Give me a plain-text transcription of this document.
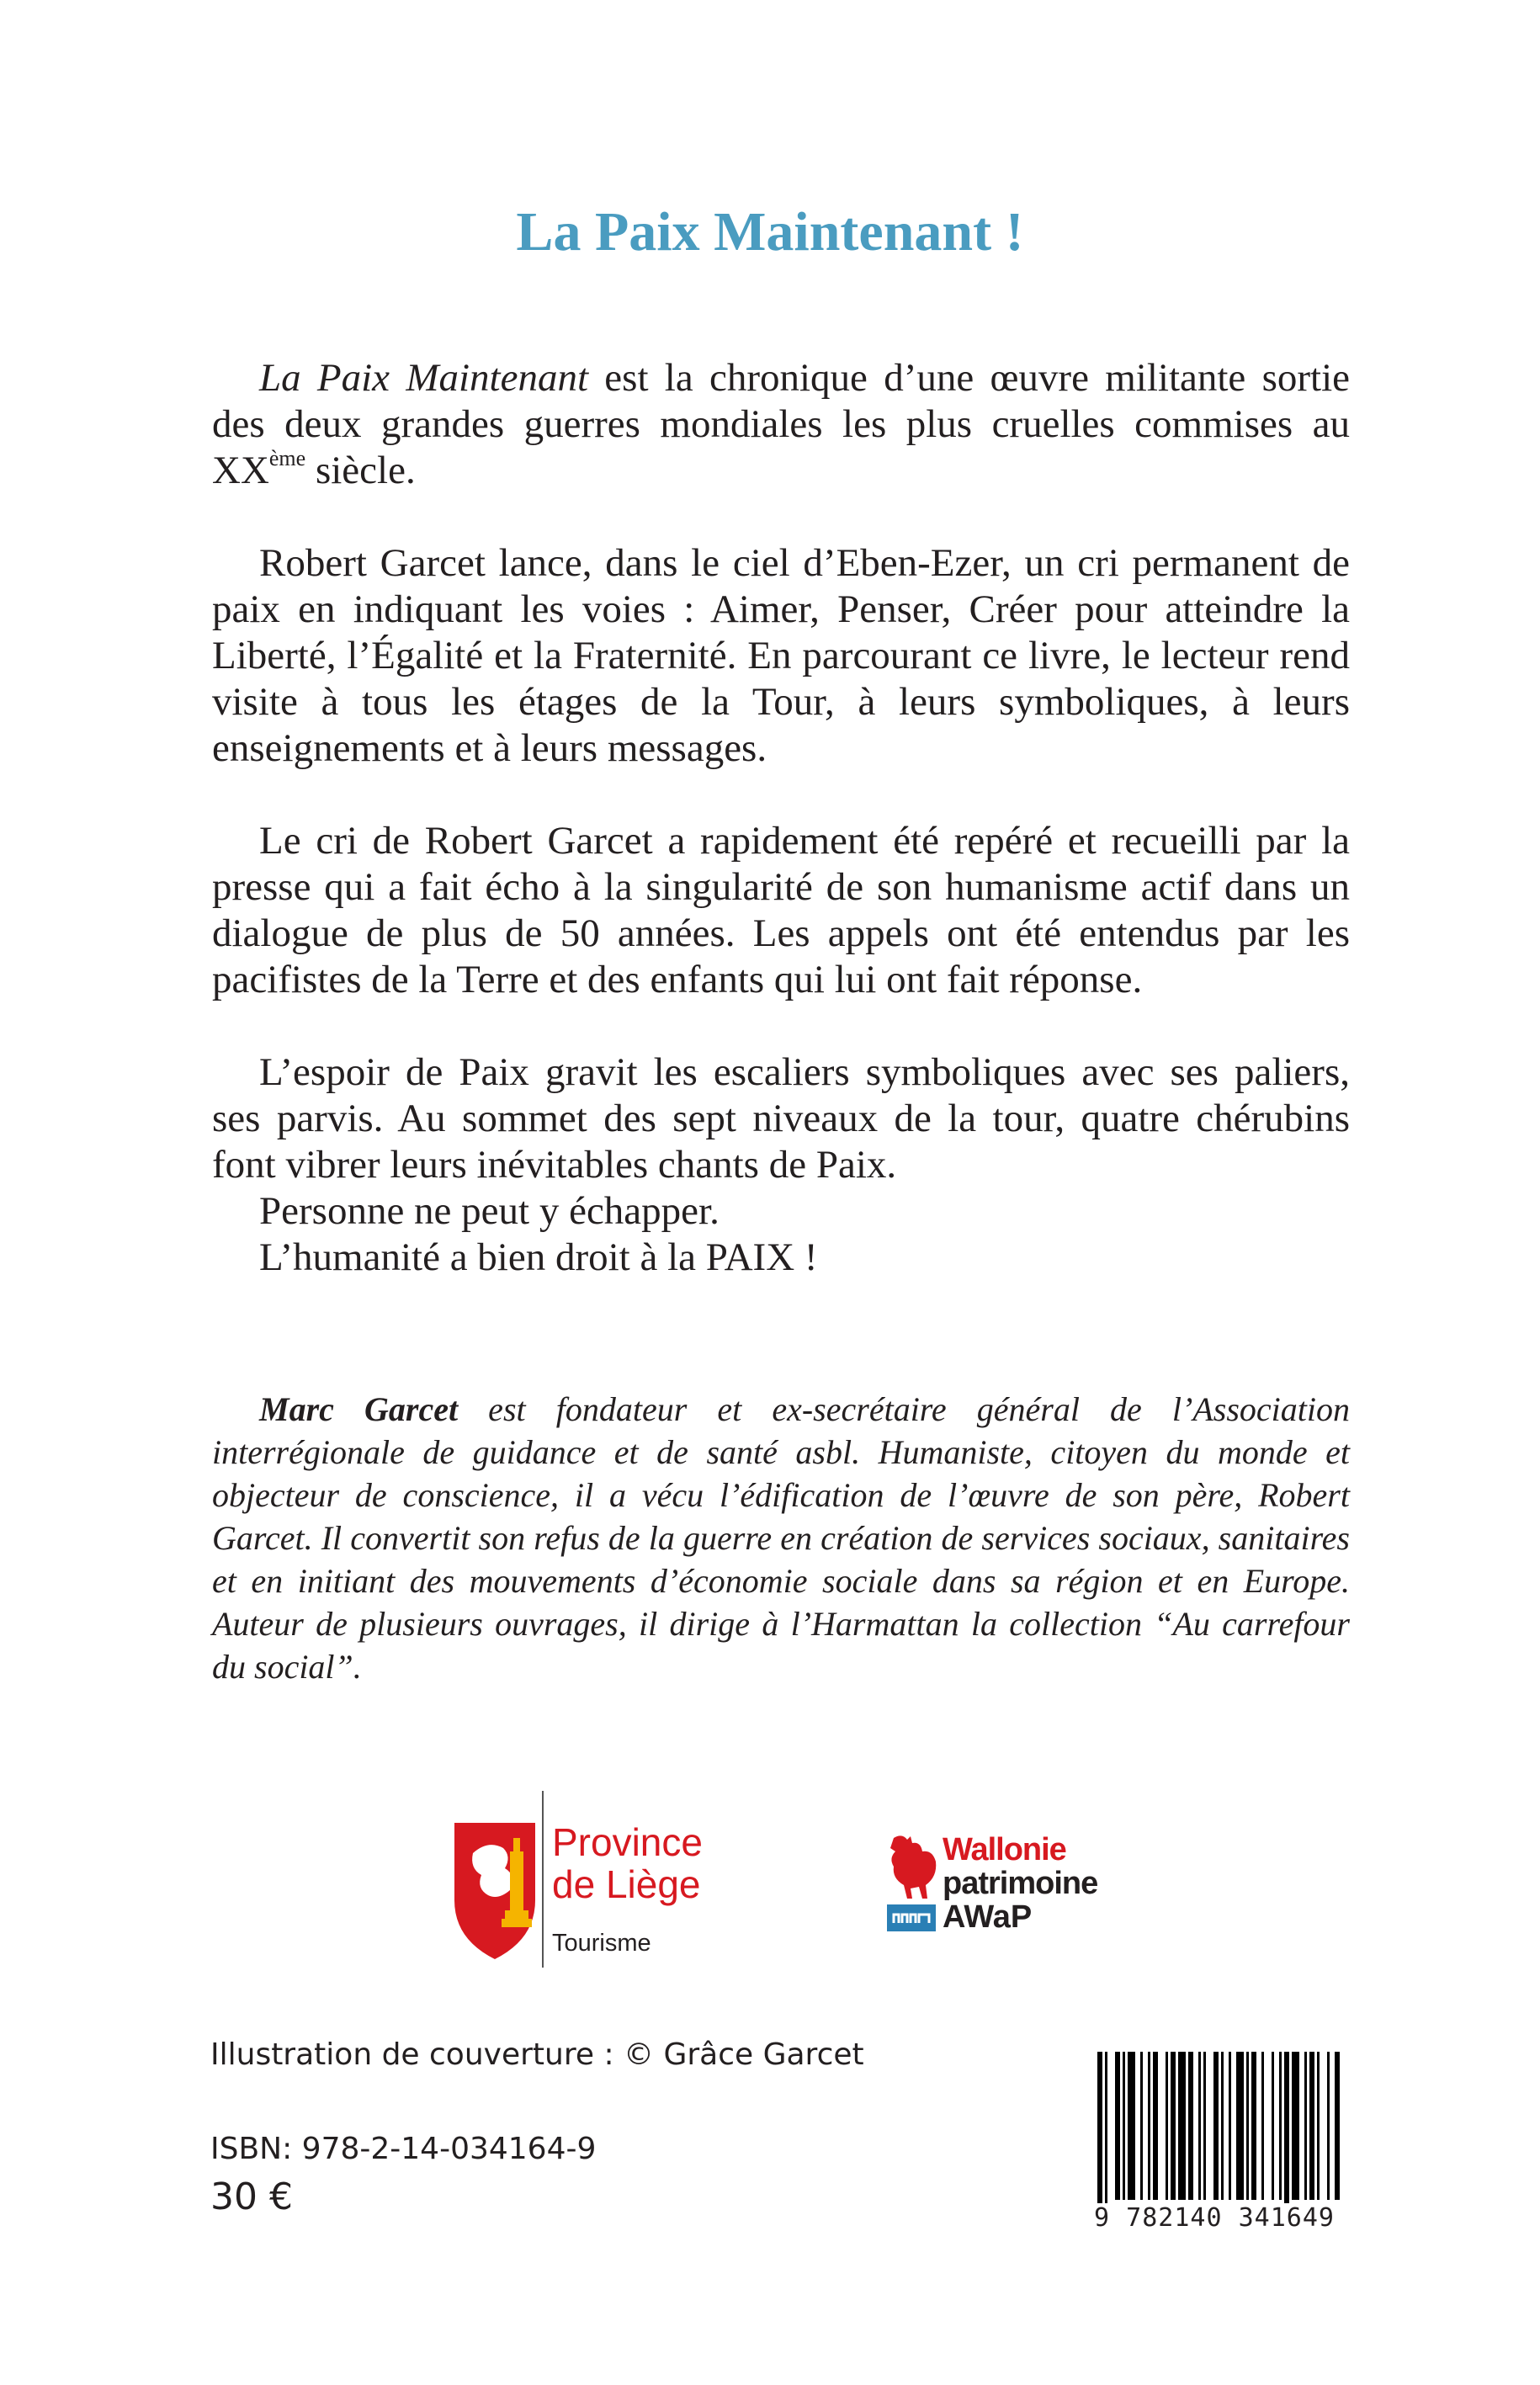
La Paix Maintenant !

La Paix Maintenant est la chronique d’une œuvre militante sortie des deux grandes guerres mondiales les plus cruelles commises au XXème siècle.

Robert Garcet lance, dans le ciel d’Eben-Ezer, un cri permanent de paix en indiquant les voies : Aimer, Penser, Créer pour atteindre la Liberté, l’Égalité et la Fraternité. En parcourant ce livre, le lecteur rend visite à tous les étages de la Tour, à leurs symboliques, à leurs enseignements et à leurs messages.

Le cri de Robert Garcet a rapidement été repéré et recueilli par la presse qui a fait écho à la singularité de son humanisme actif dans un dialogue de plus de 50 années. Les appels ont été entendus par les pacifistes de la Terre et des enfants qui lui ont fait réponse.

L’espoir de Paix gravit les escaliers symboliques avec ses paliers, ses parvis. Au sommet des sept niveaux de la tour, quatre chérubins font vibrer leurs inévitables chants de Paix.

Personne ne peut y échapper.

L’humanité a bien droit à la PAIX !

Marc Garcet est fondateur et ex-secrétaire général de l’Association interrégionale de guidance et de santé asbl. Humaniste, citoyen du monde et objecteur de conscience, il a vécu l’édification de l’œuvre de son père, Robert Garcet. Il convertit son refus de la guerre en création de services sociaux, sanitaires et en initiant des mouvements d’économie sociale dans sa région et en Europe. Auteur de plusieurs ouvrages, il dirige à l’Harmattan la collection “Au carrefour du social”.

Province
de Liège
Tourisme
Wallonie
patrimoine
AWaP
Illustration de couverture : © Grâce Garcet
ISBN: 978-2-14-034164-9
30 €	9 782140 341649
